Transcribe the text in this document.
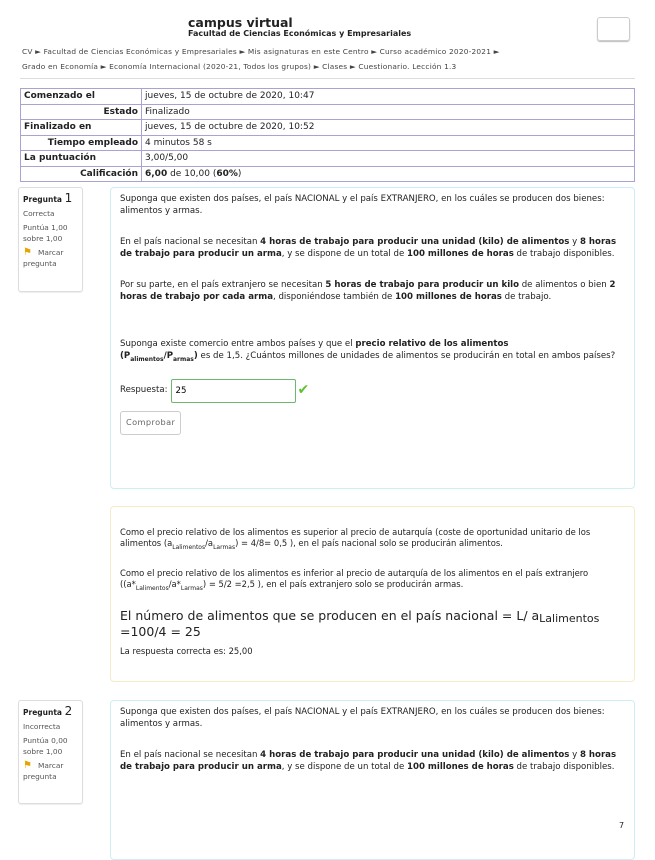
campus virtual
Facultad de Ciencias Económicas y Empresariales
CV ► Facultad de Ciencias Económicas y Empresariales ► Mis asignaturas en este Centro ► Curso académico 2020-2021 ►
Grado en Economía ► Economía Internacional (2020-21, Todos los grupos) ► Clases ► Cuestionario. Lección 1.3
Comenzado el	jueves, 15 de octubre de 2020, 10:47
Estado	Finalizado
Finalizado en	jueves, 15 de octubre de 2020, 10:52
Tiempo empleado	4 minutos 58 s
La puntuación	3,00/5,00
Calificación	6,00 de 10,00 (60%)
Pregunta 1

Correcta

Puntúa 1,00 sobre 1,00

⚑ Marcar pregunta

Suponga que existen dos países, el país NACIONAL y el país EXTRANJERO, en los cuáles se producen dos bienes: alimentos y armas.

En el país nacional se necesitan 4 horas de trabajo para producir una unidad (kilo) de alimentos y 8 horas de trabajo para producir un arma, y se dispone de un total de 100 millones de horas de trabajo disponibles.

Por su parte, en el país extranjero se necesitan 5 horas de trabajo para producir un kilo de alimentos o bien 2 horas de trabajo por cada arma, disponiéndose también de 100 millones de horas de trabajo.

Suponga existe comercio entre ambos países y que el precio relativo de los alimentos
$(P_{alimentos}/P_{armas})$ es de 1,5. ¿Cuántos millones de unidades de alimentos se producirán en total en ambos países?

Respuesta:
25	✔
Comprobar

Como el precio relativo de los alimentos es superior al precio de autarquía (coste de oportunidad unitario de los alimentos $(a_{Lalimentos}/a_{Larmas}) = 4/8= 0,5$ ), en el país nacional solo se producirán alimentos.

Como el precio relativo de los alimentos es inferior al precio de autarquía de los alimentos en el país extranjero ($(a*_{Lalimentos}/a*_{Larmas}) = 5/2 =2,5$ ), en el país extranjero solo se producirán armas.

El número de alimentos que se producen en el país nacional = L/ $a_{Lalimentos}$
=100/4 = 25

La respuesta correcta es: 25,00
Pregunta 2

Incorrecta

Puntúa 0,00 sobre 1,00

⚑ Marcar pregunta

Suponga que existen dos países, el país NACIONAL y el país EXTRANJERO, en los cuáles se producen dos bienes: alimentos y armas.

En el país nacional se necesitan 4 horas de trabajo para producir una unidad (kilo) de alimentos y 8 horas de trabajo para producir un arma, y se dispone de un total de 100 millones de horas de trabajo disponibles.

7
